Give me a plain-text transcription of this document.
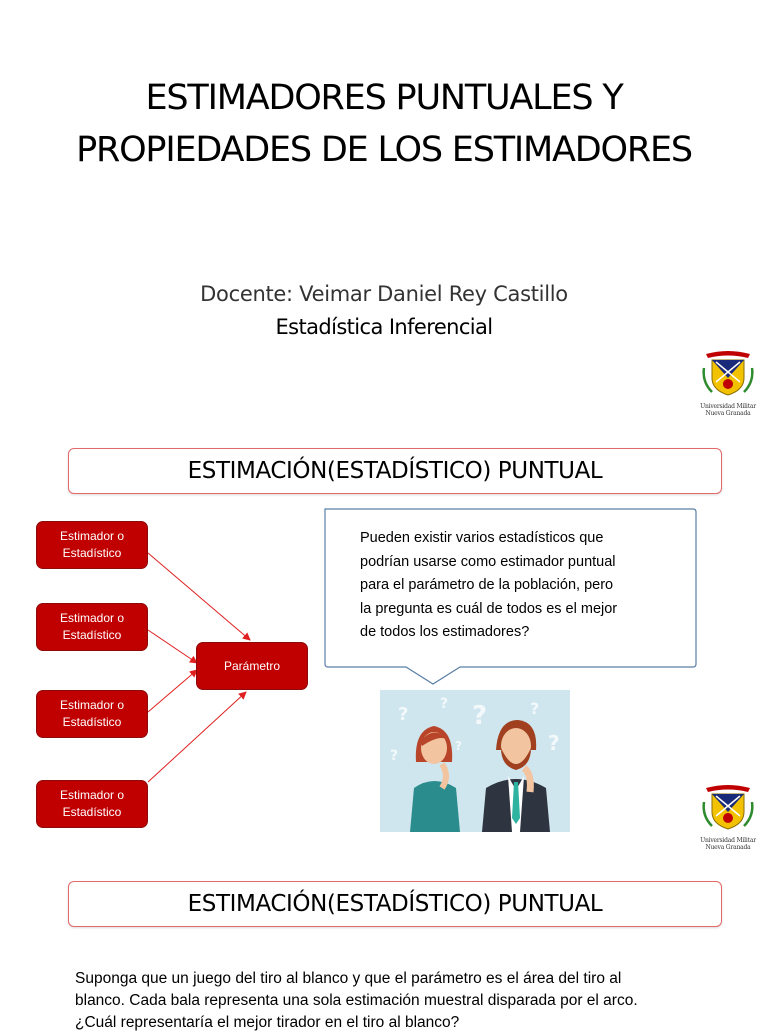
ESTIMADORES PUNTUALES Y
PROPIEDADES DE LOS ESTIMADORES
Docente: Veimar Daniel Rey Castillo
Estadística Inferencial
Universidad Militar
Nueva Granada
ESTIMACIÓN(ESTADÍSTICO) PUNTUAL
Estimador o
Estadístico
Estimador o
Estadístico
Estimador o
Estadístico
Estimador o
Estadístico
Parámetro
Pueden existir varios estadísticos que
podrían usarse como estimador puntual
para el parámetro de la población, pero
la pregunta es cuál de todos es el mejor
de todos los estimadores?
? ? ?	?
?
?
?
Universidad Militar
Nueva Granada
ESTIMACIÓN(ESTADÍSTICO) PUNTUAL
Suponga que un juego del tiro al blanco y que el parámetro es el área del tiro al
blanco. Cada bala representa una sola estimación muestral disparada por el arco.
¿Cuál representaría el mejor tirador en el tiro al blanco?
